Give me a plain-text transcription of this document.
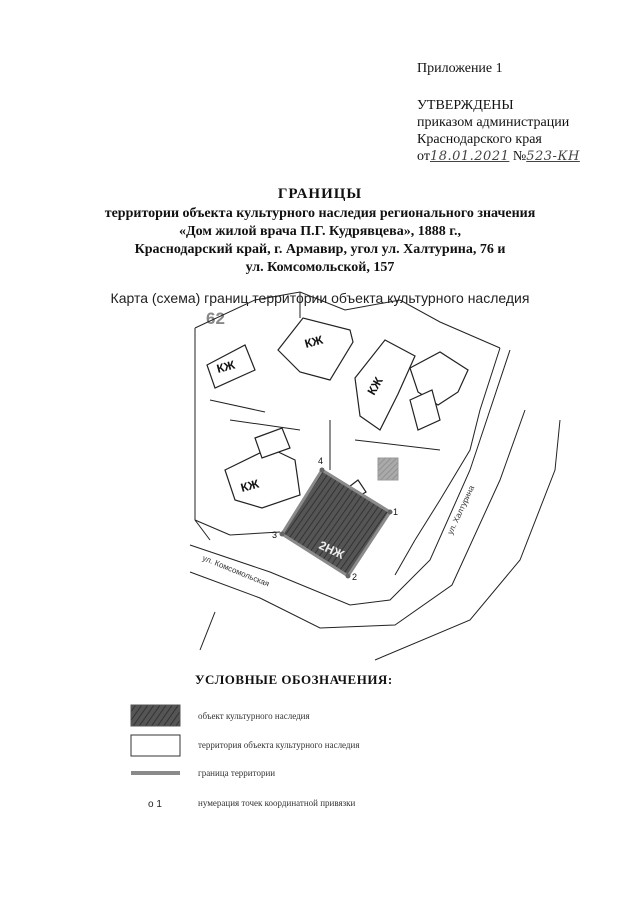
Приложение 1
УТВЕРЖДЕНЫ
приказом администрации
Краснодарского края
от18.01.2021 №523-КН
ГРАНИЦЫ
территории объекта культурного наследия регионального значения
«Дом жилой врача П.Г. Кудрявцева», 1888 г.,
Краснодарский край, г. Армавир, угол ул. Халтурина, 76 и
ул. Комсомольской, 157
Карта (схема) границ территории объекта культурного наследия
62
КЖ
КЖ
КЖ
КЖ
2НЖ
4
1
2
3
ул. Комсомольская
ул. Халтурина
o 1
УСЛОВНЫЕ ОБОЗНАЧЕНИЯ:
объект культурного наследия
территория объекта культурного наследия
граница территории
нумерация точек координатной привязки
